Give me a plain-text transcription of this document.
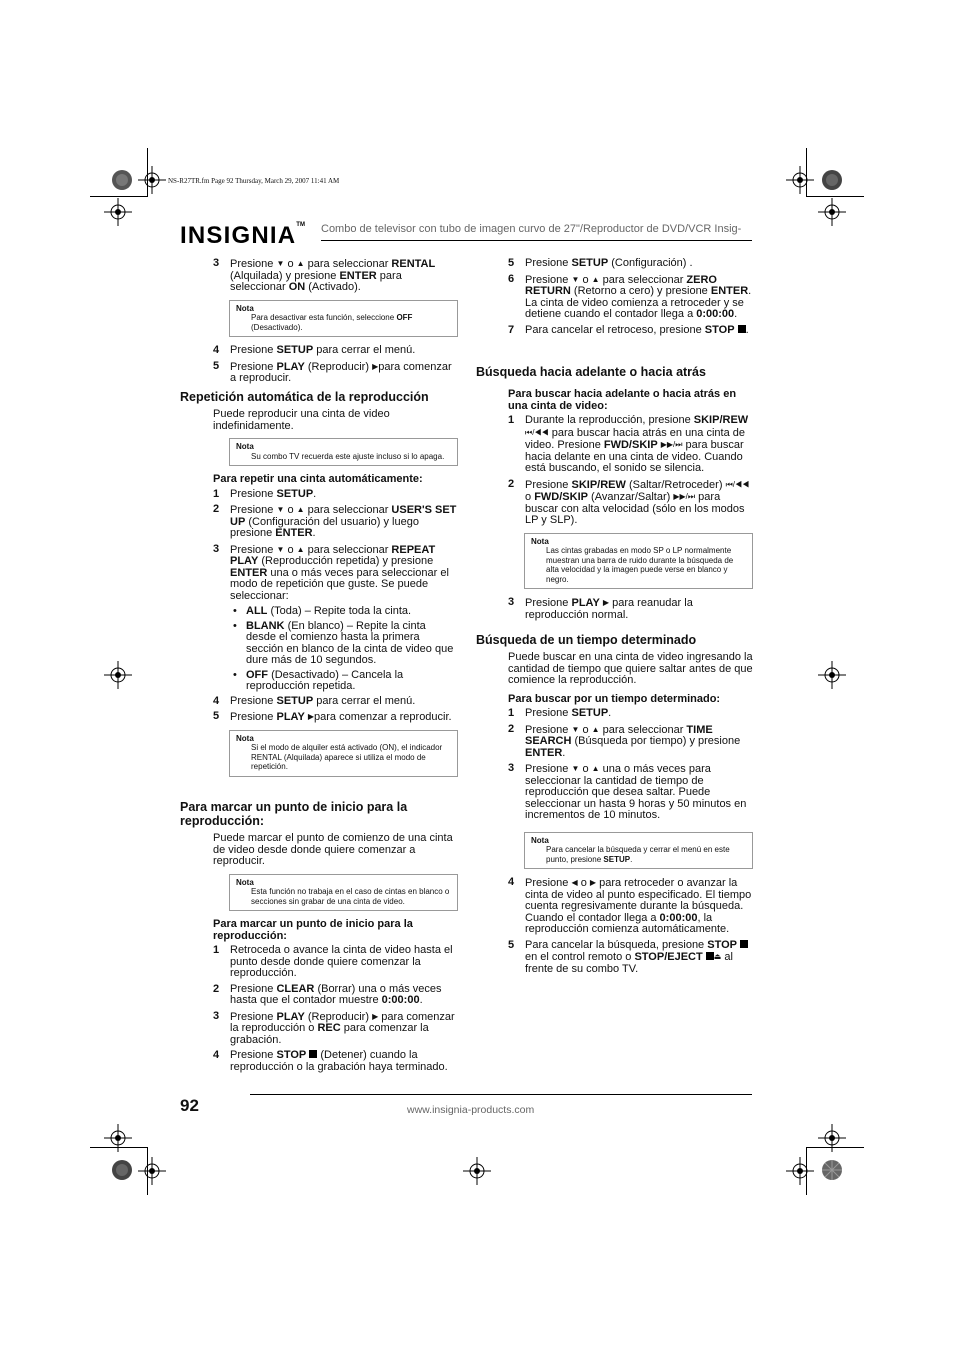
NS-R27TR.fm Page 92 Thursday, March 29, 2007 11:41 AM
INSIGNIA™ Combo de televisor con tubo de imagen curvo de 27"/Reproductor de DVD/VCR Insig-
3 Presione ▼ o ▲ para seleccionar RENTAL (Alquilada) y presione ENTER para seleccionar ON (Activado).
Nota
Para desactivar esta función, seleccione OFF (Desactivado).
4 Presione SETUP para cerrar el menú.
5 Presione PLAY (Reproducir) ▶para comenzar a reproducir.
Repetición automática de la reproducción
Puede reproducir una cinta de video indefinidamente.
Nota
Su combo TV recuerda este ajuste incluso si lo apaga.
Para repetir una cinta automáticamente:
1 Presione SETUP.
2 Presione ▼ o ▲ para seleccionar USER'S SET UP (Configuración del usuario) y luego presione ENTER.
3 Presione ▼ o ▲ para seleccionar REPEAT PLAY (Reproducción repetida) y presione ENTER una o más veces para seleccionar el modo de repetición que guste. Se puede seleccionar:
• ALL (Toda) – Repite toda la cinta.
• BLANK (En blanco) – Repite la cinta desde el comienzo hasta la primera sección en blanco de la cinta de video que dure más de 10 segundos.
• OFF (Desactivado) – Cancela la reproducción repetida.
4 Presione SETUP para cerrar el menú.
5 Presione PLAY ▶para comenzar a reproducir.
Nota
Si el modo de alquiler está activado (ON), el indicador RENTAL (Alquilada) aparece si utiliza el modo de repetición.
Para marcar un punto de inicio para la reproducción:
Puede marcar el punto de comienzo de una cinta de video desde donde quiere comenzar a reproducir.
Nota
Esta función no trabaja en el caso de cintas en blanco o secciones sin grabar de una cinta de video.
Para marcar un punto de inicio para la reproducción:
1 Retroceda o avance la cinta de video hasta el punto desde donde quiere comenzar la reproducción.
2 Presione CLEAR (Borrar) una o más veces hasta que el contador muestre 0:00:00.
3 Presione PLAY (Reproducir) ▶ para comenzar la reproducción o REC para comenzar la grabación.
4 Presione STOP (Detener) cuando la reproducción o la grabación haya terminado.
5 Presione SETUP (Configuración) .
6 Presione ▼ o ▲ para seleccionar ZERO RETURN (Retorno a cero) y presione ENTER. La cinta de video comienza a retroceder y se detiene cuando el contador llega a 0:00:00.
7 Para cancelar el retroceso, presione STOP .
Búsqueda hacia adelante o hacia atrás
Para buscar hacia adelante o hacia atrás en una cinta de video:
1 Durante la reproducción, presione SKIP/REW ⏮/◀◀ para buscar hacia atrás en una cinta de video. Presione FWD/SKIP ▶▶/⏭ para buscar hacia delante en una cinta de video. Cuando está buscando, el sonido se silencia.
2 Presione SKIP/REW (Saltar/Retroceder) ⏮/◀◀ o FWD/SKIP (Avanzar/Saltar) ▶▶/⏭ para buscar con alta velocidad (sólo en los modos LP y SLP).
Nota
Las cintas grabadas en modo SP o LP normalmente muestran una barra de ruido durante la búsqueda de alta velocidad y la imagen puede verse en blanco y negro.
3 Presione PLAY ▶ para reanudar la reproducción normal.
Búsqueda de un tiempo determinado
Puede buscar en una cinta de video ingresando la cantidad de tiempo que quiere saltar antes de que comience la reproducción.
Para buscar por un tiempo determinado:
1 Presione SETUP.
2 Presione ▼ o ▲ para seleccionar TIME SEARCH (Búsqueda por tiempo) y presione ENTER.
3 Presione ▼ o ▲ una o más veces para seleccionar la cantidad de tiempo de reproducción que desea saltar. Puede seleccionar un hasta 9 horas y 50 minutos en incrementos de 10 minutos.
Nota
Para cancelar la búsqueda y cerrar el menú en este punto, presione SETUP.
4 Presione ◀ o ▶ para retroceder o avanzar la cinta de video al punto especificado. El tiempo cuenta regresivamente durante la búsqueda. Cuando el contador llega a 0:00:00, la reproducción comienza automáticamente.
5 Para cancelar la búsqueda, presione STOP  en el control remoto o STOP/EJECT ⏏ al frente de su combo TV.
92	www.insignia-products.com
